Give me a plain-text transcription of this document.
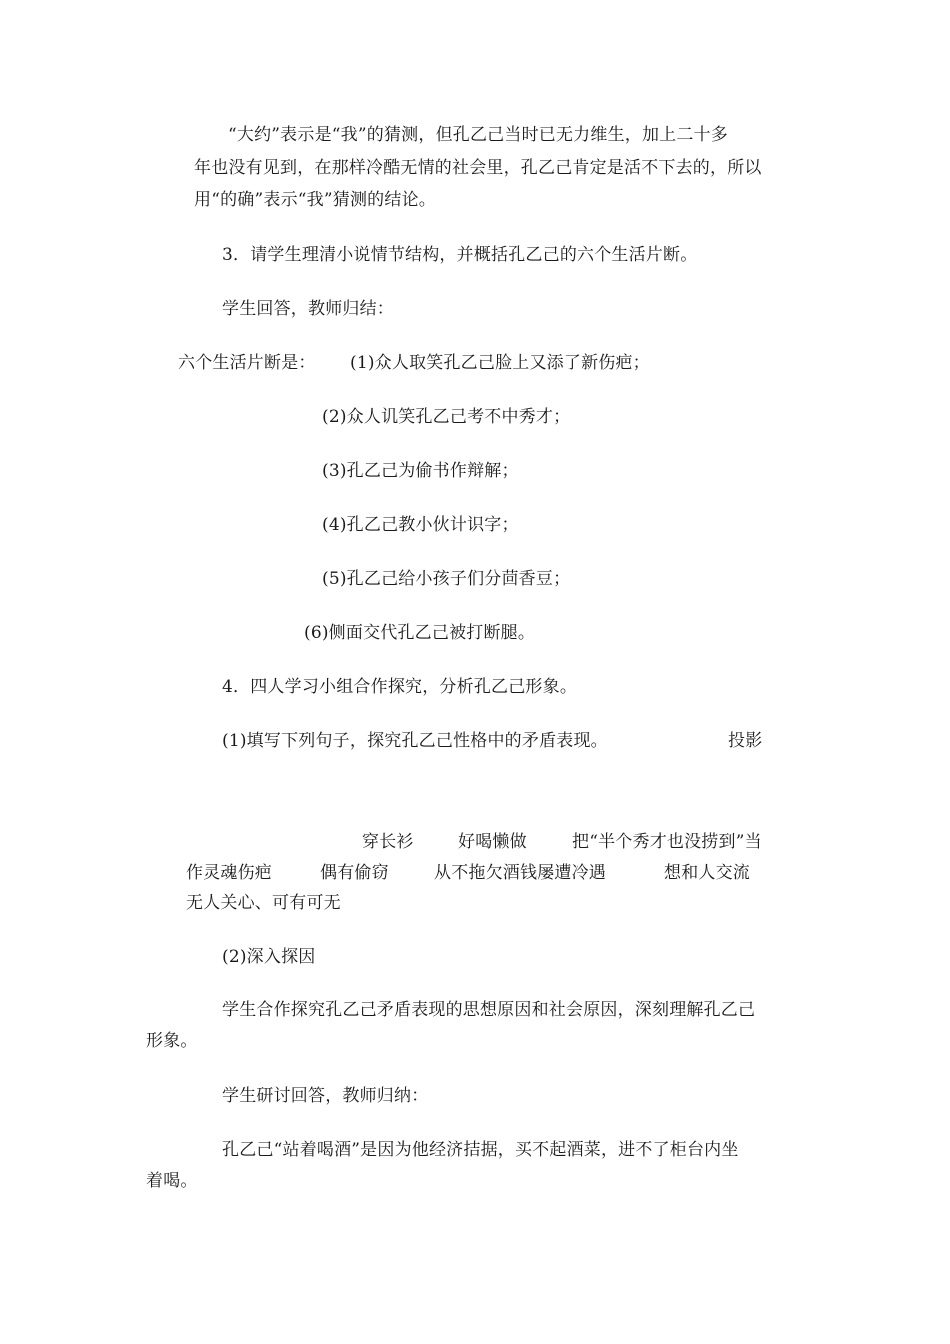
“大约”表示是“我”的猜测，但孔乙己当时已无力维生，加上二十多
年也没有见到，在那样冷酷无情的社会里，孔乙己肯定是活不下去的，所以
用“的确”表示“我”猜测的结论。
3．请学生理清小说情节结构，并概括孔乙己的六个生活片断。
学生回答，教师归结：
六个生活片断是： (1)众人取笑孔乙己脸上又添了新伤疤；
(2)众人讥笑孔乙己考不中秀才；
(3)孔乙己为偷书作辩解；
(4)孔乙己教小伙计识字；
(5)孔乙己给小孩子们分茴香豆；
(6)侧面交代孔乙己被打断腿。
4．四人学习小组合作探究，分析孔乙己形象。
(1)填写下列句子，探究孔乙己性格中的矛盾表现。	投影
穿长衫	好喝懒做	把“半个秀才也没捞到”当
作灵魂伤疤	偶有偷窃	从不拖欠酒钱屡遭冷遇	想和人交流
无人关心、可有可无
(2)深入探因
学生合作探究孔乙己矛盾表现的思想原因和社会原因，深刻理解孔乙己
形象。
学生研讨回答，教师归纳：
孔乙己“站着喝酒”是因为他经济拮据，买不起酒菜，进不了柜台内坐
着喝。
